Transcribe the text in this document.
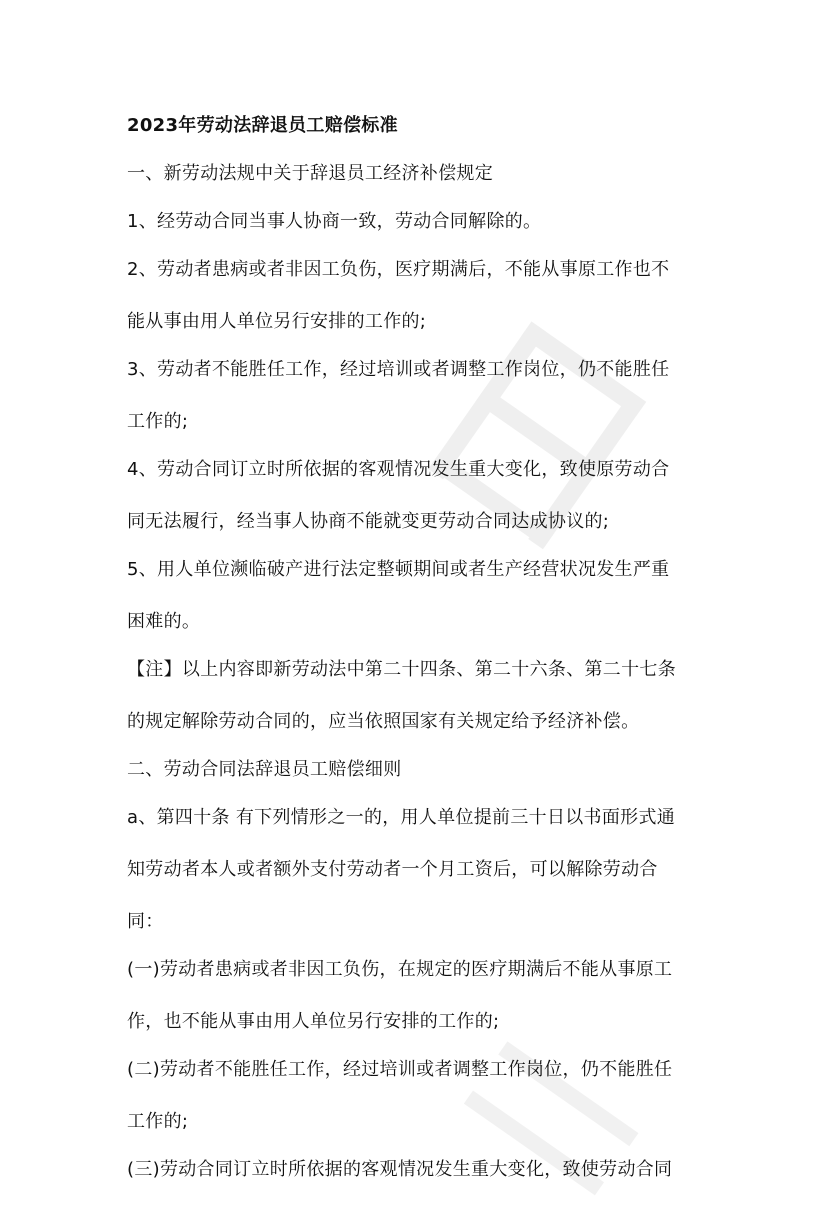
2023年劳动法辞退员工赔偿标准
一、新劳动法规中关于辞退员工经济补偿规定
1、经劳动合同当事人协商一致，劳动合同解除的。
2、劳动者患病或者非因工负伤，医疗期满后，不能从事原工作也不
能从事由用人单位另行安排的工作的;
3、劳动者不能胜任工作，经过培训或者调整工作岗位，仍不能胜任
工作的;
4、劳动合同订立时所依据的客观情况发生重大变化，致使原劳动合
同无法履行，经当事人协商不能就变更劳动合同达成协议的;
5、用人单位濒临破产进行法定整顿期间或者生产经营状况发生严重
困难的。
【注】以上内容即新劳动法中第二十四条、第二十六条、第二十七条
的规定解除劳动合同的，应当依照国家有关规定给予经济补偿。
二、劳动合同法辞退员工赔偿细则
a、第四十条 有下列情形之一的，用人单位提前三十日以书面形式通
知劳动者本人或者额外支付劳动者一个月工资后，可以解除劳动合
同：
(一)劳动者患病或者非因工负伤，在规定的医疗期满后不能从事原工
作，也不能从事由用人单位另行安排的工作的;
(二)劳动者不能胜任工作，经过培训或者调整工作岗位，仍不能胜任
工作的;
(三)劳动合同订立时所依据的客观情况发生重大变化，致使劳动合同
